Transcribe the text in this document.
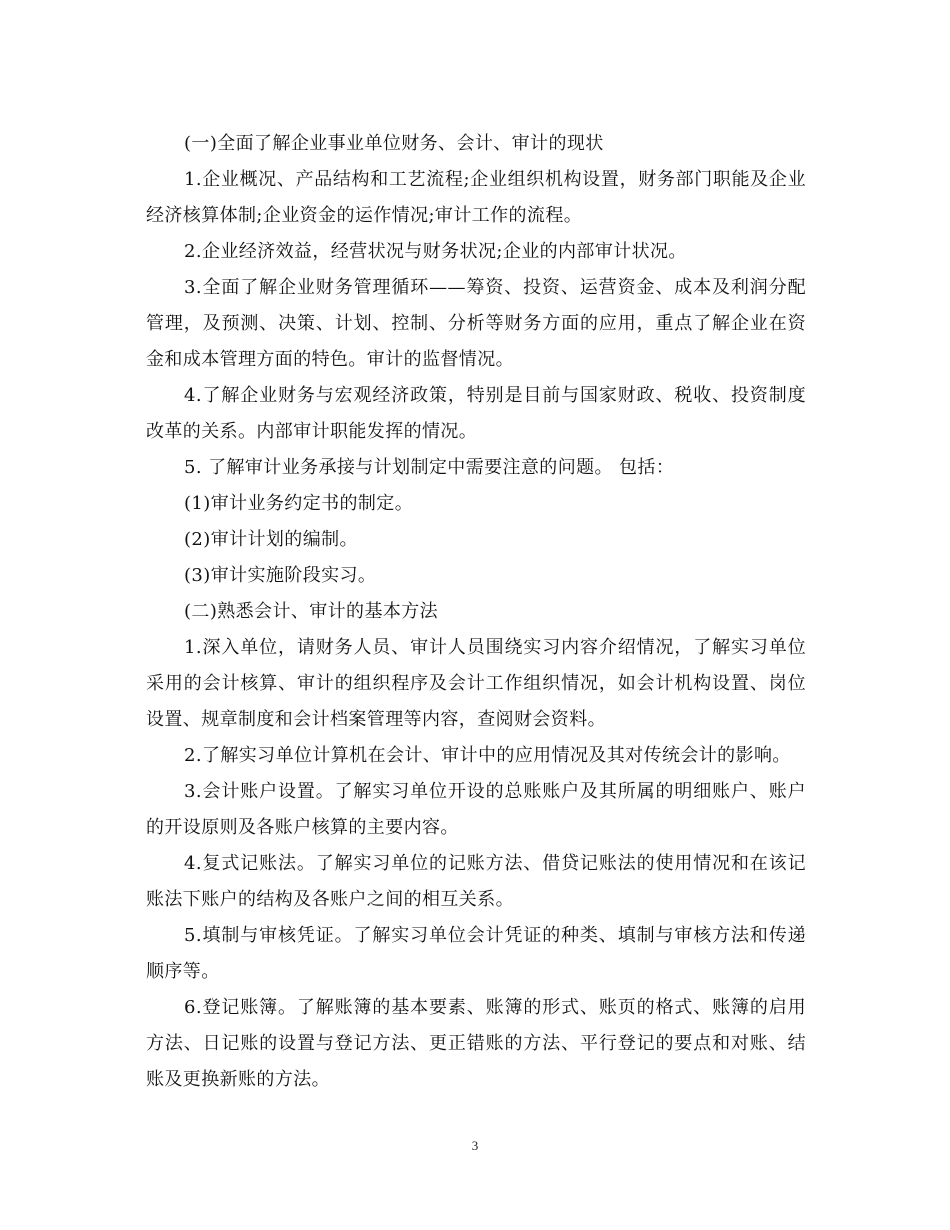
(一)全面了解企业事业单位财务、会计、审计的现状

1.企业概况、产品结构和工艺流程;企业组织机构设置，财务部门职能及企业经济核算体制;企业资金的运作情况;审计工作的流程。

2.企业经济效益，经营状况与财务状况;企业的内部审计状况。

3.全面了解企业财务管理循环——筹资、投资、运营资金、成本及利润分配管理，及预测、决策、计划、控制、分析等财务方面的应用，重点了解企业在资金和成本管理方面的特色。审计的监督情况。

4.了解企业财务与宏观经济政策，特别是目前与国家财政、税收、投资制度改革的关系。内部审计职能发挥的情况。

5. 了解审计业务承接与计划制定中需要注意的问题。 包括：

(1)审计业务约定书的制定。

(2)审计计划的编制。

(3)审计实施阶段实习。

(二)熟悉会计、审计的基本方法

1.深入单位，请财务人员、审计人员围绕实习内容介绍情况，了解实习单位采用的会计核算、审计的组织程序及会计工作组织情况，如会计机构设置、岗位设置、规章制度和会计档案管理等内容，查阅财会资料。

2.了解实习单位计算机在会计、审计中的应用情况及其对传统会计的影响。

3.会计账户设置。了解实习单位开设的总账账户及其所属的明细账户、账户的开设原则及各账户核算的主要内容。

4.复式记账法。了解实习单位的记账方法、借贷记账法的使用情况和在该记账法下账户的结构及各账户之间的相互关系。

5.填制与审核凭证。了解实习单位会计凭证的种类、填制与审核方法和传递顺序等。

6.登记账簿。了解账簿的基本要素、账簿的形式、账页的格式、账簿的启用方法、日记账的设置与登记方法、更正错账的方法、平行登记的要点和对账、结账及更换新账的方法。

3
